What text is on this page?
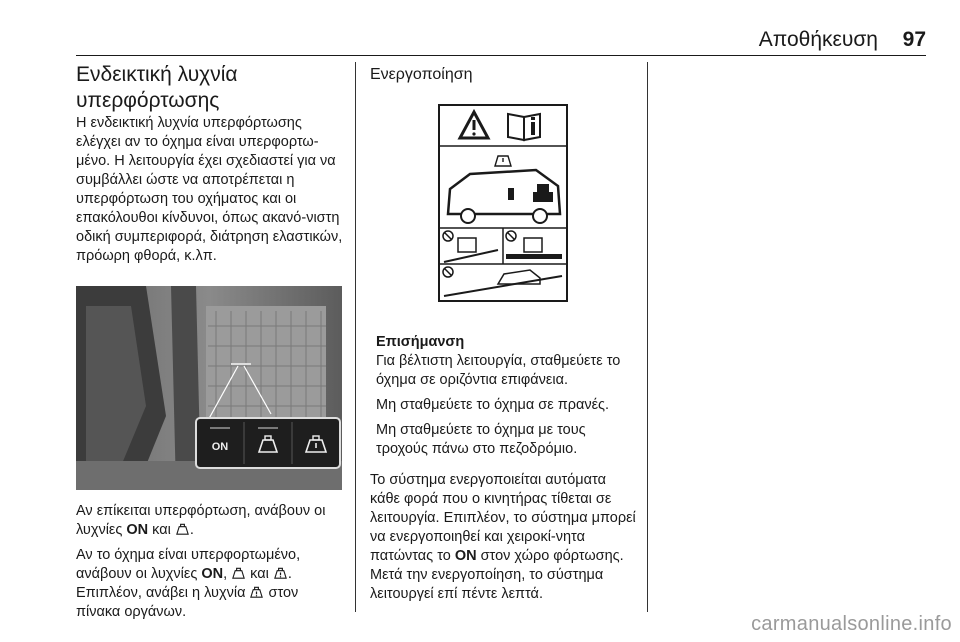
Αποθήκευση 97
Ενδεικτική λυχνία υπερφόρτωσης

Η ενδεικτική λυχνία υπερφόρτωσης ελέγχει αν το όχημα είναι υπερφορτω-μένο. Η λειτουργία έχει σχεδιαστεί για να συμβάλλει ώστε να αποτρέπεται η υπερφόρτωση του οχήματος και οι επακόλουθοι κίνδυνοι, όπως ακανό-νιστη οδική συμπεριφορά, διάτρηση ελαστικών, πρόωρη φθορά, κ.λπ.

ON

Αν επίκειται υπερφόρτωση, ανάβουν οι λυχνίες ON και .

Αν το όχημα είναι υπερφορτωμένο, ανάβουν οι λυχνίες ON,  και .

Επιπλέον, ανάβει η λυχνία  στον πίνακα οργάνων.

Ενεργοποίηση
Επισήμανση

Για βέλτιστη λειτουργία, σταθμεύετε το όχημα σε οριζόντια επιφάνεια.

Μη σταθμεύετε το όχημα σε πρανές.

Μη σταθμεύετε το όχημα με τους τροχούς πάνω στο πεζοδρόμιο.

Το σύστημα ενεργοποιείται αυτόματα κάθε φορά που ο κινητήρας τίθεται σε λειτουργία. Επιπλέον, το σύστημα μπορεί να ενεργοποιηθεί και χειροκί-νητα πατώντας το ON στον χώρο φόρτωσης. Μετά την ενεργοποίηση, το σύστημα λειτουργεί επί πέντε λεπτά.

carmanualsonline.info
